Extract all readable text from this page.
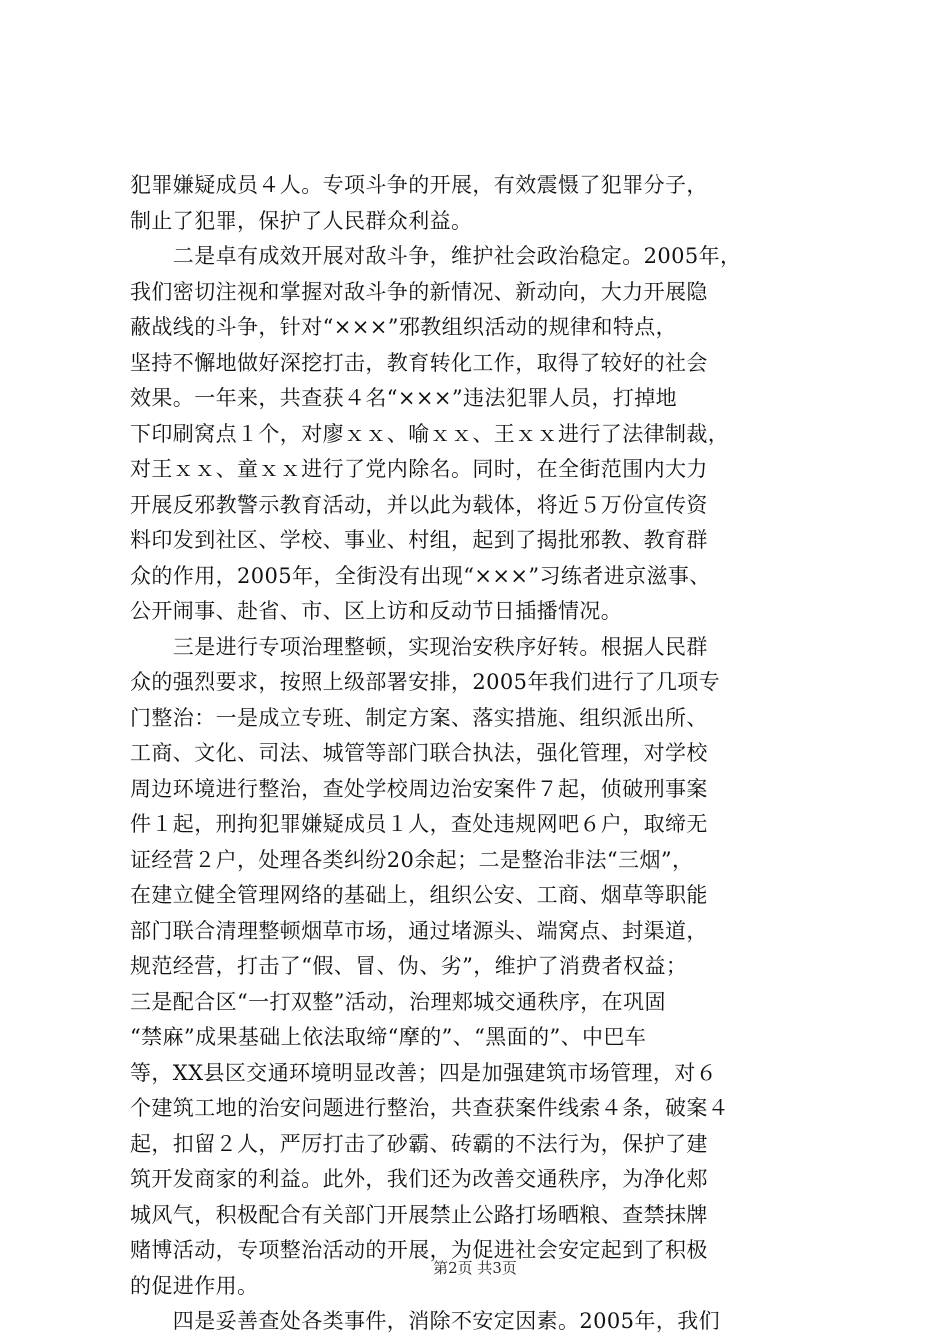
犯罪嫌疑成员４人。专项斗争的开展，有效震慑了犯罪分子，
制止了犯罪，保护了人民群众利益。
　　二是卓有成效开展对敌斗争，维护社会政治稳定。2005年，
我们密切注视和掌握对敌斗争的新情况、新动向，大力开展隐
蔽战线的斗争，针对“×××”邪教组织活动的规律和特点，
坚持不懈地做好深挖打击，教育转化工作，取得了较好的社会
效果。一年来，共查获４名“×××”违法犯罪人员，打掉地
下印刷窝点１个，对廖ｘｘ、喻ｘｘ、王ｘｘ进行了法律制裁，
对王ｘｘ、童ｘｘ进行了党内除名。同时，在全街范围内大力
开展反邪教警示教育活动，并以此为载体，将近５万份宣传资
料印发到社区、学校、事业、村组，起到了揭批邪教、教育群
众的作用，2005年，全街没有出现“×××”习练者进京滋事、
公开闹事、赴省、市、区上访和反动节日插播情况。
　　三是进行专项治理整顿，实现治安秩序好转。根据人民群
众的强烈要求，按照上级部署安排，2005年我们进行了几项专
门整治：一是成立专班、制定方案、落实措施、组织派出所、
工商、文化、司法、城管等部门联合执法，强化管理，对学校
周边环境进行整治，查处学校周边治安案件７起，侦破刑事案
件１起，刑拘犯罪嫌疑成员１人，查处违规网吧６户，取缔无
证经营２户，处理各类纠纷20余起；二是整治非法“三烟”，
在建立健全管理网络的基础上，组织公安、工商、烟草等职能
部门联合清理整顿烟草市场，通过堵源头、端窝点、封渠道，
规范经营，打击了“假、冒、伪、劣”，维护了消费者权益；
三是配合区“一打双整”活动，治理郏城交通秩序，在巩固
“禁麻”成果基础上依法取缔“摩的”、“黑面的”、中巴车
等，XX县区交通环境明显改善；四是加强建筑市场管理，对６
个建筑工地的治安问题进行整治，共查获案件线索４条，破案４
起，扣留２人，严厉打击了砂霸、砖霸的不法行为，保护了建
筑开发商家的利益。此外，我们还为改善交通秩序，为净化郏
城风气，积极配合有关部门开展禁止公路打场晒粮、查禁抹牌
赌博活动，专项整治活动的开展，为促进社会安定起到了积极
的促进作用。
　　四是妥善查处各类事件，消除不安定因素。2005年，我们
第2页 共3页
